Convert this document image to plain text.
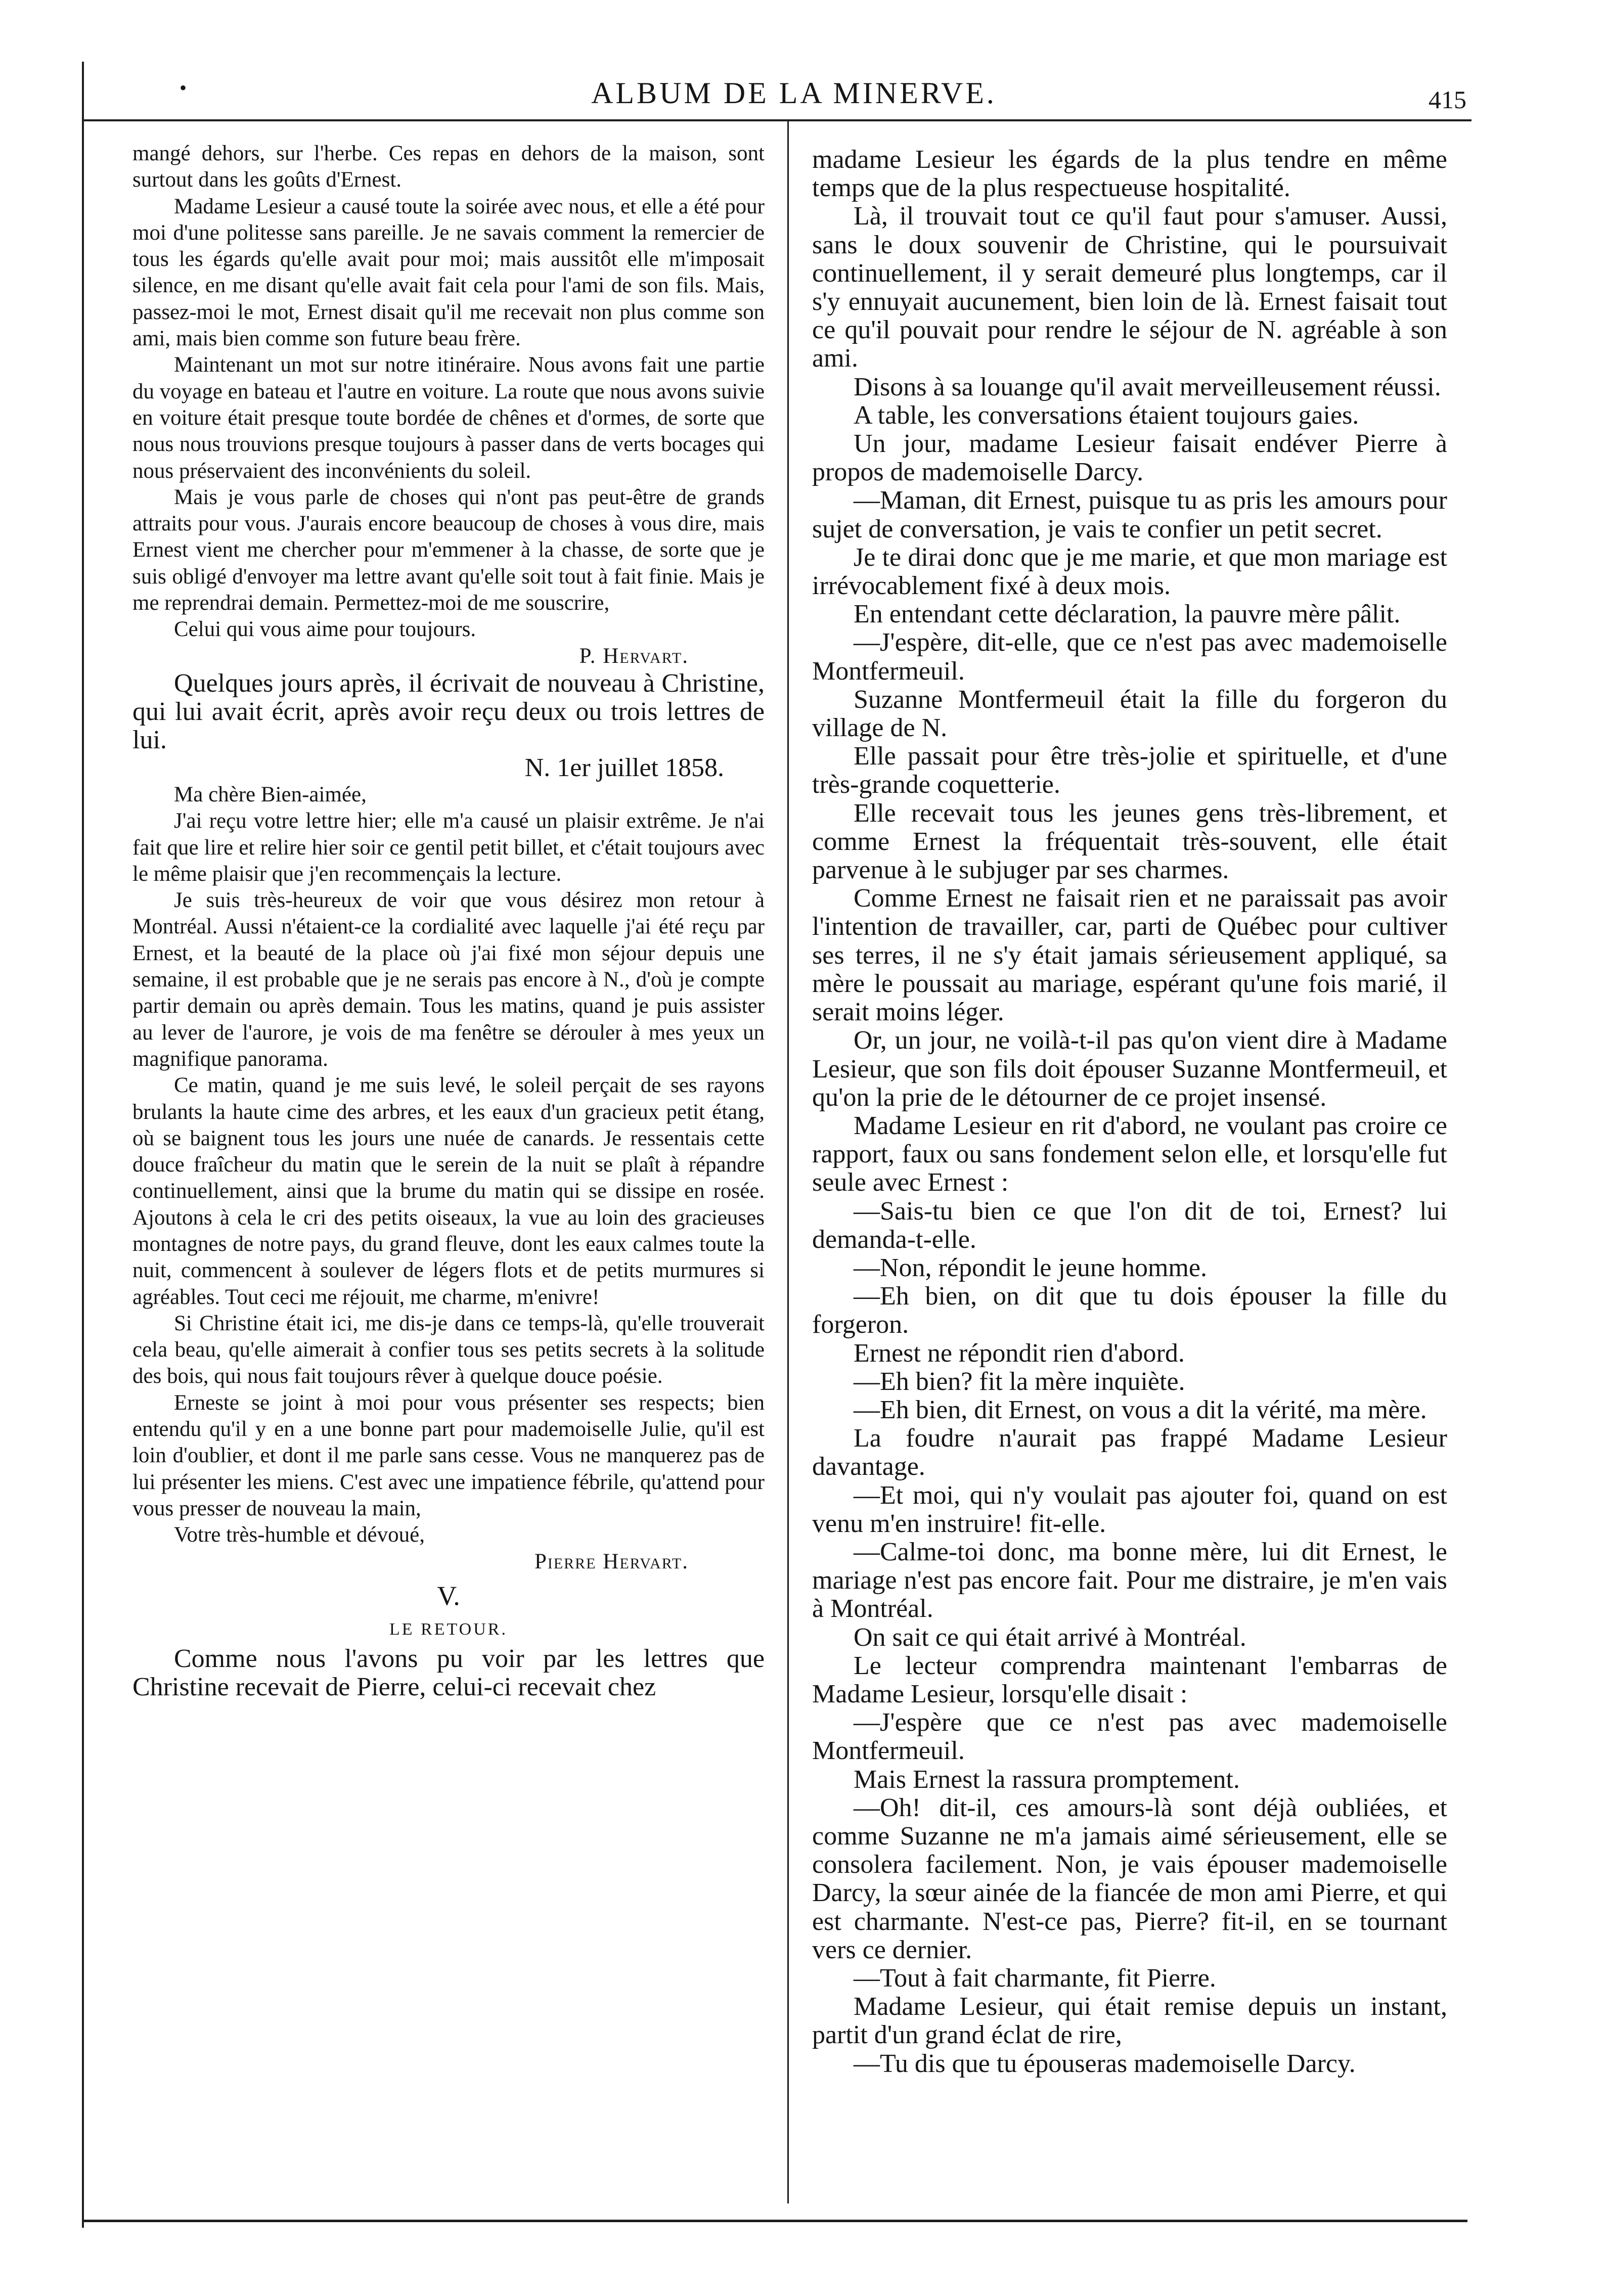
•	ALBUM DE LA MINERVE.	415

mangé dehors, sur l'herbe. Ces repas en dehors de la maison, sont surtout dans les goûts d'Ernest.

Madame Lesieur a causé toute la soirée avec nous, et elle a été pour moi d'une politesse sans pareille. Je ne savais comment la remercier de tous les égards qu'elle avait pour moi; mais aussitôt elle m'imposait silence, en me disant qu'elle avait fait cela pour l'ami de son fils. Mais, passez-moi le mot, Ernest disait qu'il me recevait non plus comme son ami, mais bien comme son future beau frère.

Maintenant un mot sur notre itinéraire. Nous avons fait une partie du voyage en bateau et l'autre en voiture. La route que nous avons suivie en voiture était presque toute bordée de chênes et d'ormes, de sorte que nous nous trouvions presque toujours à passer dans de verts bocages qui nous préservaient des inconvénients du soleil.

Mais je vous parle de choses qui n'ont pas peut-être de grands attraits pour vous. J'aurais encore beaucoup de choses à vous dire, mais Ernest vient me chercher pour m'emmener à la chasse, de sorte que je suis obligé d'envoyer ma lettre avant qu'elle soit tout à fait finie. Mais je me reprendrai demain. Permettez-moi de me souscrire,

Celui qui vous aime pour toujours.

P. Hervart.

Quelques jours après, il écrivait de nouveau à Christine, qui lui avait écrit, après avoir reçu deux ou trois lettres de lui.

N. 1er juillet 1858.

Ma chère Bien-aimée,

J'ai reçu votre lettre hier; elle m'a causé un plaisir extrême. Je n'ai fait que lire et relire hier soir ce gentil petit billet, et c'était toujours avec le même plaisir que j'en recommençais la lecture.

Je suis très-heureux de voir que vous désirez mon retour à Montréal. Aussi n'étaient-ce la cordialité avec laquelle j'ai été reçu par Ernest, et la beauté de la place où j'ai fixé mon séjour depuis une semaine, il est probable que je ne serais pas encore à N., d'où je compte partir demain ou après demain. Tous les matins, quand je puis assister au lever de l'aurore, je vois de ma fenêtre se dérouler à mes yeux un magnifique panorama.

Ce matin, quand je me suis levé, le soleil perçait de ses rayons brulants la haute cime des arbres, et les eaux d'un gracieux petit étang, où se baignent tous les jours une nuée de canards. Je ressentais cette douce fraîcheur du matin que le serein de la nuit se plaît à répandre continuellement, ainsi que la brume du matin qui se dissipe en rosée. Ajoutons à cela le cri des petits oiseaux, la vue au loin des gracieuses montagnes de notre pays, du grand fleuve, dont les eaux calmes toute la nuit, commencent à soulever de légers flots et de petits murmures si agréables. Tout ceci me réjouit, me charme, m'enivre!

Si Christine était ici, me dis-je dans ce temps-là, qu'elle trouverait cela beau, qu'elle aimerait à confier tous ses petits secrets à la solitude des bois, qui nous fait toujours rêver à quelque douce poésie.

Erneste se joint à moi pour vous présenter ses respects; bien entendu qu'il y en a une bonne part pour mademoiselle Julie, qu'il est loin d'oublier, et dont il me parle sans cesse. Vous ne manquerez pas de lui présenter les miens. C'est avec une impatience fébrile, qu'attend pour vous presser de nouveau la main,

Votre très-humble et dévoué,

Pierre Hervart.

V.

LE RETOUR.

Comme nous l'avons pu voir par les lettres que Christine recevait de Pierre, celui-ci recevait chez

madame Lesieur les égards de la plus tendre en même temps que de la plus respectueuse hospitalité.

Là, il trouvait tout ce qu'il faut pour s'amuser. Aussi, sans le doux souvenir de Christine, qui le poursuivait continuellement, il y serait demeuré plus longtemps, car il s'y ennuyait aucunement, bien loin de là. Ernest faisait tout ce qu'il pouvait pour rendre le séjour de N. agréable à son ami.

Disons à sa louange qu'il avait merveilleusement réussi.

A table, les conversations étaient toujours gaies.

Un jour, madame Lesieur faisait endéver Pierre à propos de mademoiselle Darcy.

—Maman, dit Ernest, puisque tu as pris les amours pour sujet de conversation, je vais te confier un petit secret.

Je te dirai donc que je me marie, et que mon mariage est irrévocablement fixé à deux mois.

En entendant cette déclaration, la pauvre mère pâlit.

—J'espère, dit-elle, que ce n'est pas avec mademoiselle Montfermeuil.

Suzanne Montfermeuil était la fille du forgeron du village de N.

Elle passait pour être très-jolie et spirituelle, et d'une très-grande coquetterie.

Elle recevait tous les jeunes gens très-librement, et comme Ernest la fréquentait très-souvent, elle était parvenue à le subjuger par ses charmes.

Comme Ernest ne faisait rien et ne paraissait pas avoir l'intention de travailler, car, parti de Québec pour cultiver ses terres, il ne s'y était jamais sérieusement appliqué, sa mère le poussait au mariage, espérant qu'une fois marié, il serait moins léger.

Or, un jour, ne voilà-t-il pas qu'on vient dire à Madame Lesieur, que son fils doit épouser Suzanne Montfermeuil, et qu'on la prie de le détourner de ce projet insensé.

Madame Lesieur en rit d'abord, ne voulant pas croire ce rapport, faux ou sans fondement selon elle, et lorsqu'elle fut seule avec Ernest :

—Sais-tu bien ce que l'on dit de toi, Ernest? lui demanda-t-elle.

—Non, répondit le jeune homme.

—Eh bien, on dit que tu dois épouser la fille du forgeron.

Ernest ne répondit rien d'abord.

—Eh bien? fit la mère inquiète.

—Eh bien, dit Ernest, on vous a dit la vérité, ma mère.

La foudre n'aurait pas frappé Madame Lesieur davantage.

—Et moi, qui n'y voulait pas ajouter foi, quand on est venu m'en instruire! fit-elle.

—Calme-toi donc, ma bonne mère, lui dit Ernest, le mariage n'est pas encore fait. Pour me distraire, je m'en vais à Montréal.

On sait ce qui était arrivé à Montréal.

Le lecteur comprendra maintenant l'embarras de Madame Lesieur, lorsqu'elle disait :

—J'espère que ce n'est pas avec mademoiselle Montfermeuil.

Mais Ernest la rassura promptement.

—Oh! dit-il, ces amours-là sont déjà oubliées, et comme Suzanne ne m'a jamais aimé sérieusement, elle se consolera facilement. Non, je vais épouser mademoiselle Darcy, la sœur ainée de la fiancée de mon ami Pierre, et qui est charmante. N'est-ce pas, Pierre? fit-il, en se tournant vers ce dernier.

—Tout à fait charmante, fit Pierre.

Madame Lesieur, qui était remise depuis un instant, partit d'un grand éclat de rire,

—Tu dis que tu épouseras mademoiselle Darcy.
